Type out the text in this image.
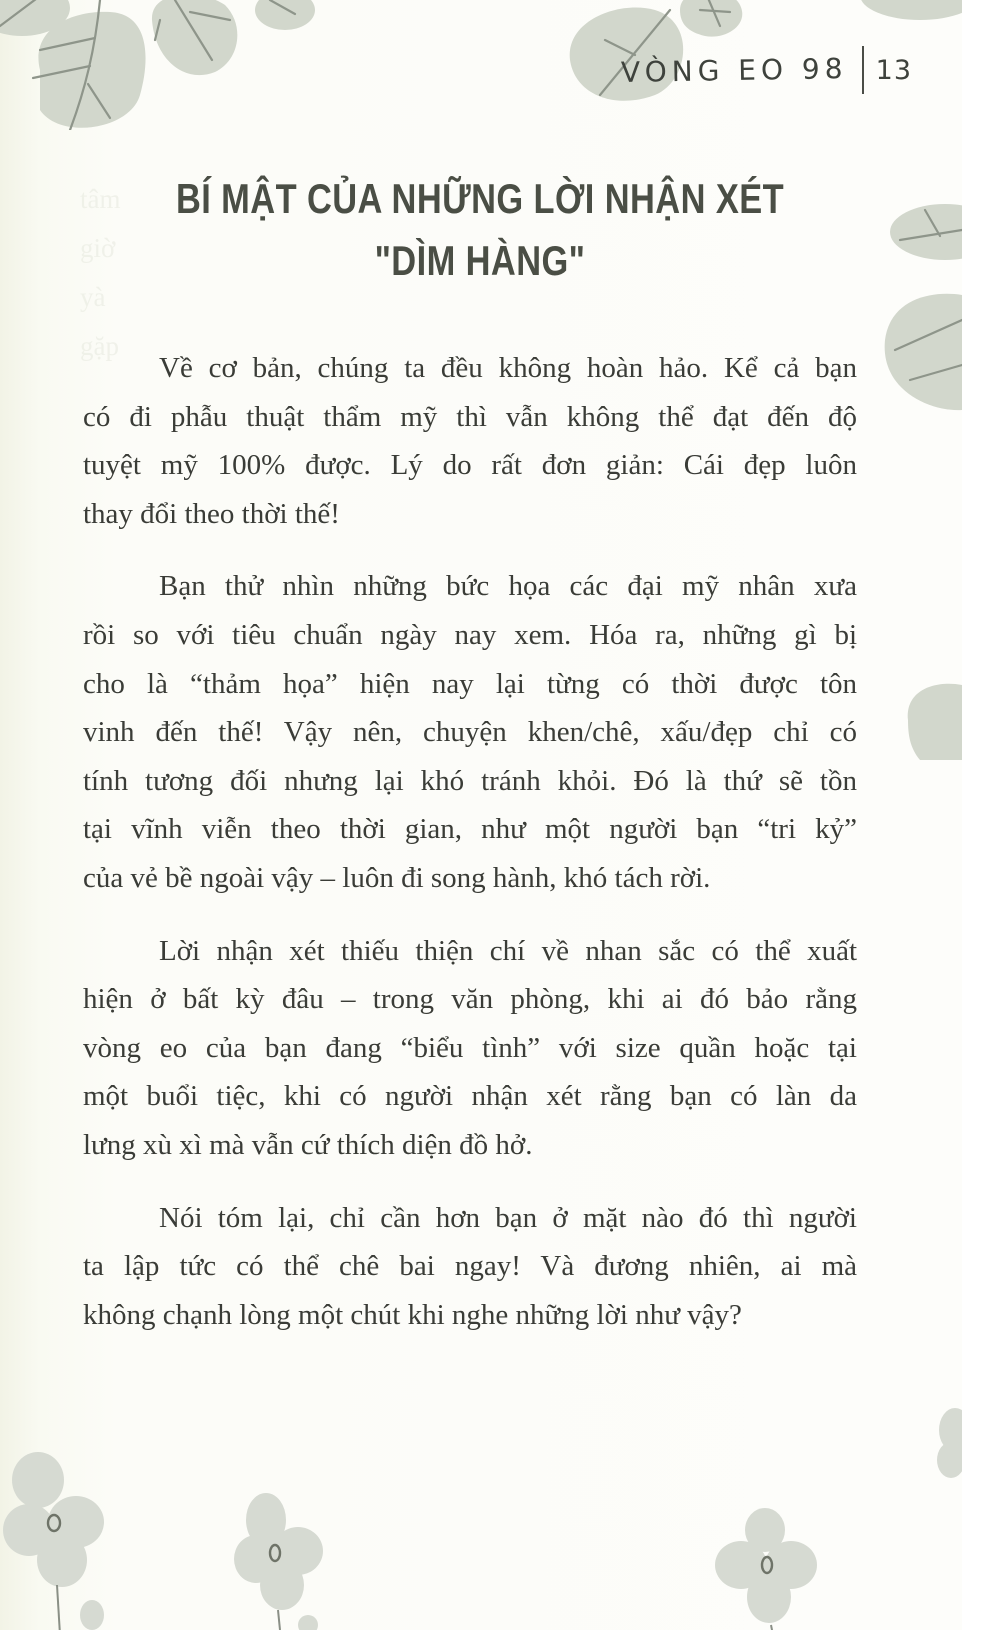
tâm
giờ
yà
gặp
VÒNG EO 98 13
BÍ MẬT CỦA NHỮNG LỜI NHẬN XÉT
"DÌM HÀNG"
Về cơ bản, chúng ta đều không hoàn hảo. Kể cả bạn
có đi phẫu thuật thẩm mỹ thì vẫn không thể đạt đến độ
tuyệt mỹ 100% được. Lý do rất đơn giản: Cái đẹp luôn
thay đổi theo thời thế!
Bạn thử nhìn những bức họa các đại mỹ nhân xưa
rồi so với tiêu chuẩn ngày nay xem. Hóa ra, những gì bị
cho là “thảm họa” hiện nay lại từng có thời được tôn
vinh đến thế! Vậy nên, chuyện khen/chê, xấu/đẹp chỉ có
tính tương đối nhưng lại khó tránh khỏi. Đó là thứ sẽ tồn
tại vĩnh viễn theo thời gian, như một người bạn “tri kỷ”
của vẻ bề ngoài vậy – luôn đi song hành, khó tách rời.
Lời nhận xét thiếu thiện chí về nhan sắc có thể xuất
hiện ở bất kỳ đâu – trong văn phòng, khi ai đó bảo rằng
vòng eo của bạn đang “biểu tình” với size quần hoặc tại
một buổi tiệc, khi có người nhận xét rằng bạn có làn da
lưng xù xì mà vẫn cứ thích diện đồ hở.
Nói tóm lại, chỉ cần hơn bạn ở mặt nào đó thì người
ta lập tức có thể chê bai ngay! Và đương nhiên, ai mà
không chạnh lòng một chút khi nghe những lời như vậy?
